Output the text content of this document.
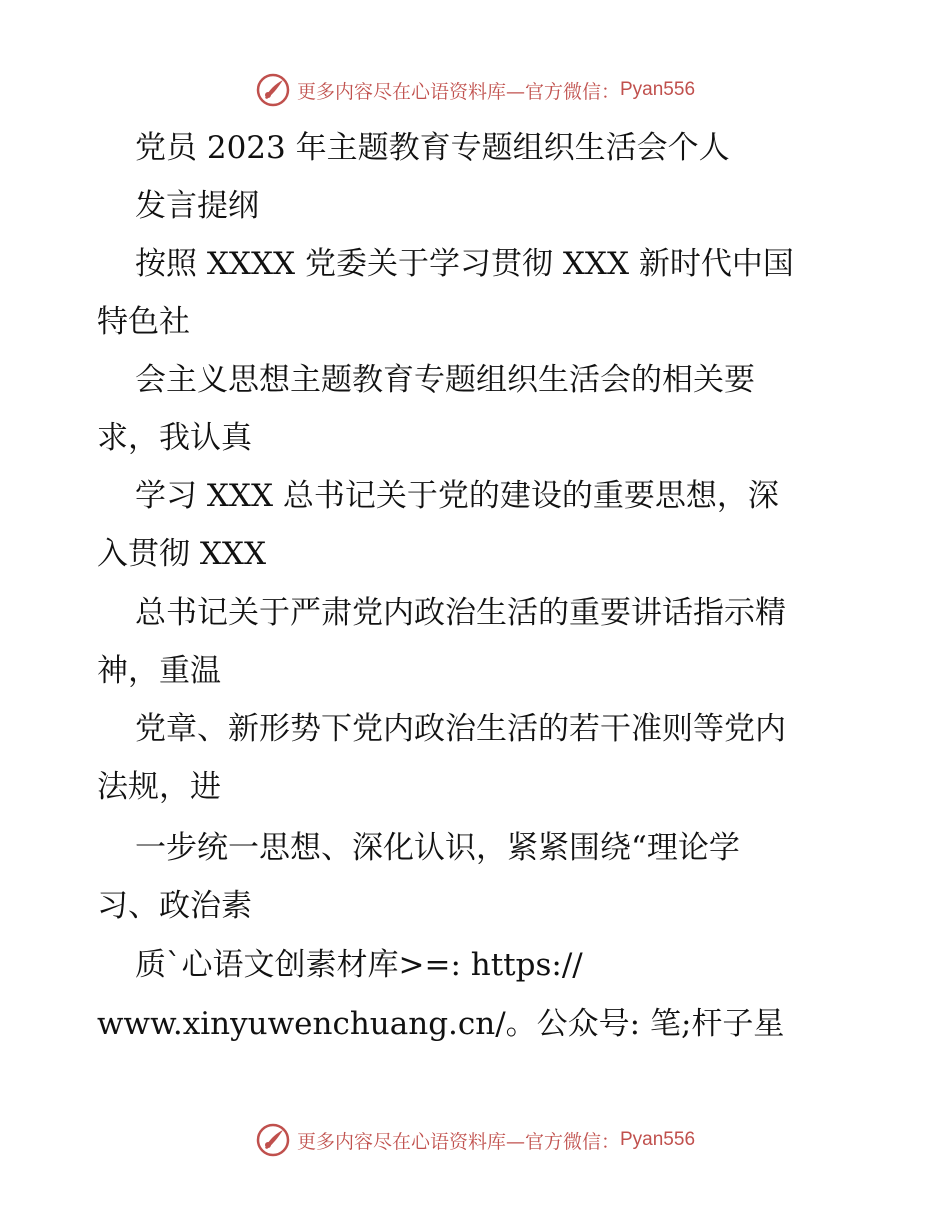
更多内容尽在心语资料库—官方微信： Pyan556
党员 2023 年主题教育专题组织生活会个人
发言提纲
按照 XXXX 党委关于学习贯彻 XXX 新时代中国
特色社
会主义思想主题教育专题组织生活会的相关要
求，我认真
学习 XXX 总书记关于党的建设的重要思想，深
入贯彻 XXX
总书记关于严肃党内政治生活的重要讲话指示精
神，重温
党章、新形势下党内政治生活的若干准则等党内
法规，进
一步统一思想、深化认识，紧紧围绕“理论学
习、政治素
质`心语文创素材库>=: https://
www.xinyuwenchuang.cn/。公众号: 笔;杆子星
更多内容尽在心语资料库—官方微信： Pyan556
